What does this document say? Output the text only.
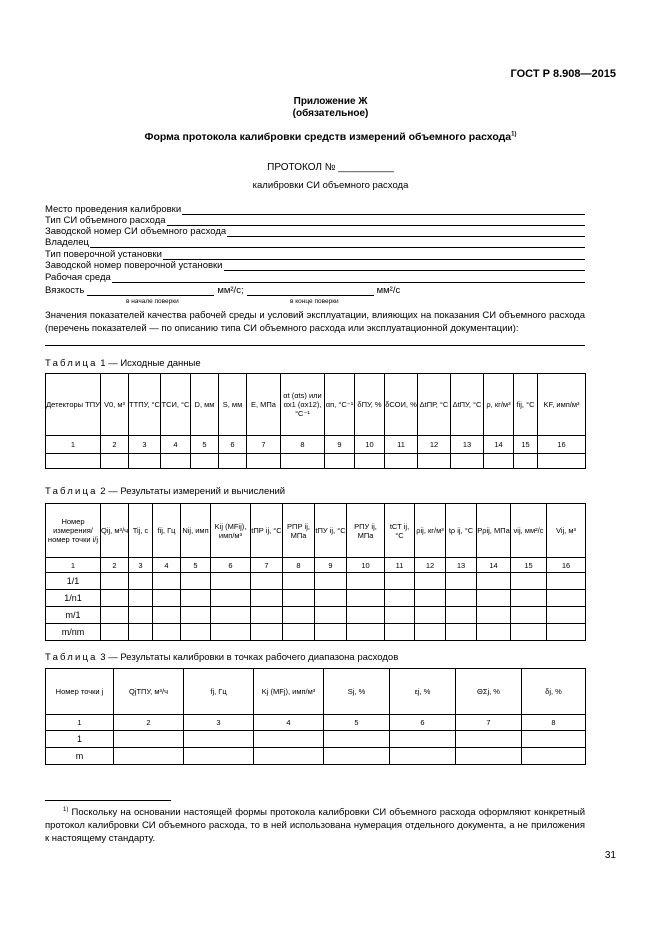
ГОСТ Р 8.908—2015
Приложение Ж
(обязательное)
Форма протокола калибровки средств измерений объемного расхода$^{1)}$
ПРОТОКОЛ № __________
калибровки СИ объемного расхода
Место проведения калибровки
Тип СИ объемного расхода
Заводской номер СИ объемного расхода
Владелец
Тип поверочной установки
Заводской номер поверочной установки
Рабочая среда
Вязкость	мм²/с;	мм²/с
в начале поверки	в конце поверки
Значения показателей качества рабочей среды и условий эксплуатации, влияющих на показания СИ объемного расхода (перечень показателей — по описанию типа СИ объемного расхода или эксплуатационной документации):
Таблица 1 — Исходные данные
Детекторы ТПУ	V0, м³	TТПУ, °C	TСИ, °C	D, мм	S, мм	E, МПа	αt (αts) или αx1 (αx12), °C⁻¹	αп, °C⁻¹	δПУ, %	δСОИ, %	ΔtПР, °C	ΔtПУ, °C	ρ, кг/м³	fij, °C	KF, имп/м³
1	2	3	4	5	6	7	8	9	10	11	12	13	14	15	16

Таблица 2 — Результаты измерений и вычислений
Номер измерения/номер точки i/j	Qij, м³/ч	Tij, с	fij, Гц	Nij, имп	Kij (MFij), имп/м³	tПР ij, °C	PПР ij, МПа	tПУ ij, °C	PПУ ij, МПа	tСТ ij, °C	ρij, кг/м³	tρ ij, °C	Pρij, МПа	νij, мм²/с	Vij, м³
1	2	3	4	5	6	7	8	9	10	11	12	13	14	15	16
1/1															
1/n1															
m/1															
m/nm															
Таблица 3 — Результаты калибровки в точках рабочего диапазона расходов
Номер точки j	QjТПУ, м³/ч	fj, Гц	Kj (MFj), имп/м³	Sj, %	εj, %	ΘΣj, %	δj, %
1	2	3	4	5	6	7	8
1							
m							
$^{1)}$ Поскольку на основании настоящей формы протокола калибровки СИ объемного расхода оформляют конкретный протокол калибровки СИ объемного расхода, то в ней использована нумерация отдельного документа, а не приложения к настоящему стандарту.
31
